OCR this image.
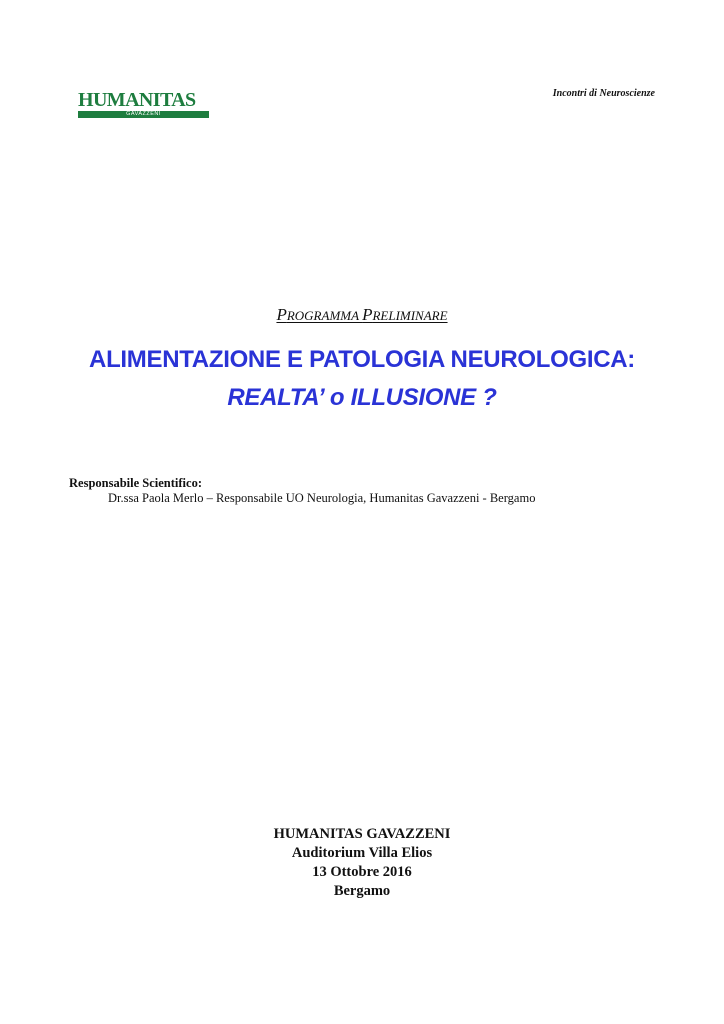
HUMANITAS
GAVAZZENI
Incontri di Neuroscienze
PROGRAMMA PRELIMINARE
ALIMENTAZIONE E PATOLOGIA NEUROLOGICA:
REALTA’ o ILLUSIONE ?
Responsabile Scientifico:
Dr.ssa Paola Merlo – Responsabile UO Neurologia, Humanitas Gavazzeni - Bergamo
HUMANITAS GAVAZZENI
Auditorium Villa Elios
13 Ottobre 2016
Bergamo
